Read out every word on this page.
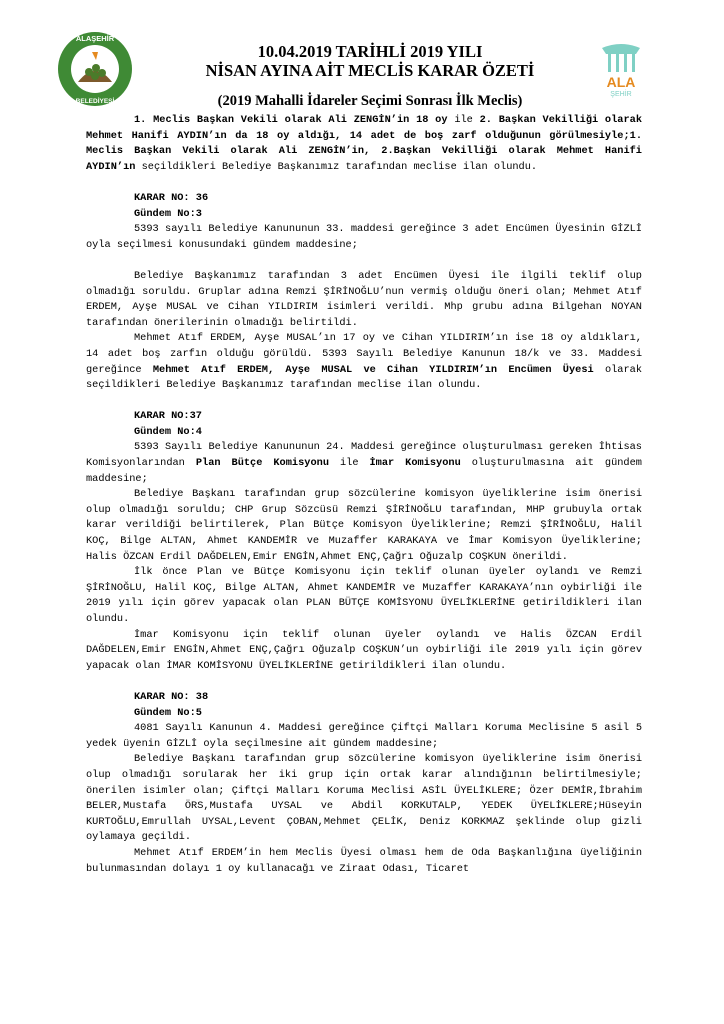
ALAŞEHİR
BELEDİYESİ
10.04.2019 TARİHLİ 2019 YILI
NİSAN AYINA AİT MECLİS KARAR ÖZETİ
(2019 Mahalli İdareler Seçimi Sonrası İlk Meclis)
ALA
ŞEHİR

1. Meclis Başkan Vekili olarak Ali ZENGİN’in 18 oy ile 2. Başkan Vekilliği olarak Mehmet Hanifi AYDIN’ın da 18 oy aldığı, 14 adet de boş zarf olduğunun görülmesiyle;1. Meclis Başkan Vekili olarak Ali ZENGİN’in, 2.Başkan Vekilliği olarak Mehmet Hanifi AYDIN’ın seçildikleri Belediye Başkanımız tarafından meclise ilan olundu.

KARAR NO: 36

Gündem No:3

5393 sayılı Belediye Kanununun 33. maddesi gereğince 3 adet Encümen Üyesinin GİZLİ oyla seçilmesi konusundaki gündem maddesine;

Belediye Başkanımız tarafından 3 adet Encümen Üyesi ile ilgili teklif olup olmadığı soruldu. Gruplar adına Remzi ŞİRİNOĞLU’nun vermiş olduğu öneri olan; Mehmet Atıf ERDEM, Ayşe MUSAL ve Cihan YILDIRIM isimleri verildi. Mhp grubu adına Bilgehan NOYAN tarafından önerilerinin olmadığı belirtildi.

Mehmet Atıf ERDEM, Ayşe MUSAL’ın 17 oy ve Cihan YILDIRIM’ın ise 18 oy aldıkları, 14 adet boş zarfın olduğu görüldü. 5393 Sayılı Belediye Kanunun 18/k ve 33. Maddesi gereğince Mehmet Atıf ERDEM, Ayşe MUSAL ve Cihan YILDIRIM’ın Encümen Üyesi olarak seçildikleri Belediye Başkanımız tarafından meclise ilan olundu.

KARAR NO:37

Gündem No:4

5393 Sayılı Belediye Kanununun 24. Maddesi gereğince oluşturulması gereken İhtisas Komisyonlarından Plan Bütçe Komisyonu ile İmar Komisyonu oluşturulmasına ait gündem maddesine;

Belediye Başkanı tarafından grup sözcülerine komisyon üyeliklerine isim önerisi olup olmadığı soruldu; CHP Grup Sözcüsü Remzi ŞİRİNOĞLU tarafından, MHP grubuyla ortak karar verildiği belirtilerek, Plan Bütçe Komisyon Üyeliklerine; Remzi ŞİRİNOĞLU, Halil KOÇ, Bilge ALTAN, Ahmet KANDEMİR ve Muzaffer KARAKAYA ve İmar Komisyon Üyeliklerine; Halis ÖZCAN Erdil DAĞDELEN,Emir ENGİN,Ahmet ENÇ,Çağrı Oğuzalp COŞKUN önerildi.

İlk önce Plan ve Bütçe Komisyonu için teklif olunan üyeler oylandı ve Remzi ŞİRİNOĞLU, Halil KOÇ, Bilge ALTAN, Ahmet KANDEMİR ve Muzaffer KARAKAYA’nın oybirliği ile 2019 yılı için görev yapacak olan PLAN BÜTÇE KOMİSYONU ÜYELİKLERİNE getirildikleri ilan olundu.

İmar Komisyonu için teklif olunan üyeler oylandı ve Halis ÖZCAN Erdil DAĞDELEN,Emir ENGİN,Ahmet ENÇ,Çağrı Oğuzalp COŞKUN’un oybirliği ile 2019 yılı için görev yapacak olan İMAR KOMİSYONU ÜYELİKLERİNE getirildikleri ilan olundu.

KARAR NO: 38

Gündem No:5

4081 Sayılı Kanunun 4. Maddesi gereğince Çiftçi Malları Koruma Meclisine 5 asil 5 yedek üyenin GİZLİ oyla seçilmesine ait gündem maddesine;

Belediye Başkanı tarafından grup sözcülerine komisyon üyeliklerine isim önerisi olup olmadığı sorularak her iki grup için ortak karar alındığının belirtilmesiyle; önerilen isimler olan; Çiftçi Malları Koruma Meclisi ASİL ÜYELİKLERE; Özer DEMİR,İbrahim BELER,Mustafa ÖRS,Mustafa UYSAL ve Abdil KORKUTALP, YEDEK ÜYELİKLERE;Hüseyin KURTOĞLU,Emrullah UYSAL,Levent ÇOBAN,Mehmet ÇELİK, Deniz KORKMAZ şeklinde olup gizli oylamaya geçildi.

Mehmet Atıf ERDEM’in hem Meclis Üyesi olması hem de Oda Başkanlığına üyeliğinin bulunmasından dolayı 1 oy kullanacağı ve Ziraat Odası, Ticaret
